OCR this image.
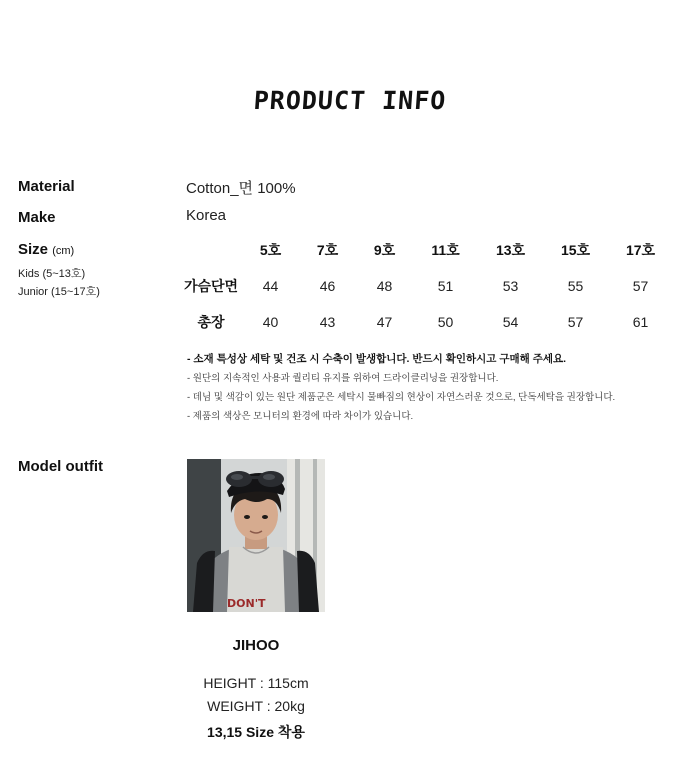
PRODUCT INFO
Material	Cotton_면 100%
Make	Korea
Size (cm)
Kids (5~13호)
Junior (15~17호)
	5호	7호	9호	11호	13호	15호	17호
가슴단면	44	46	48	51	53	55	57
총장	40	43	47	50	54	57	61
- 소재 특성상 세탁 및 건조 시 수축이 발생합니다. 반드시 확인하시고 구매해 주세요.
- 원단의 지속적인 사용과 퀄리티 유지를 위하여 드라이클리닝을 권장합니다.
- 데님 및 색감이 있는 원단 제품군은 세탁시 물빠짐의 현상이 자연스러운 것으로, 단독세탁을 권장합니다.
- 제품의 색상은 모니터의 환경에 따라 차이가 있습니다.
Model outfit
DON'T
JIHOO
HEIGHT : 115cm
WEIGHT : 20kg
13,15 Size 착용
